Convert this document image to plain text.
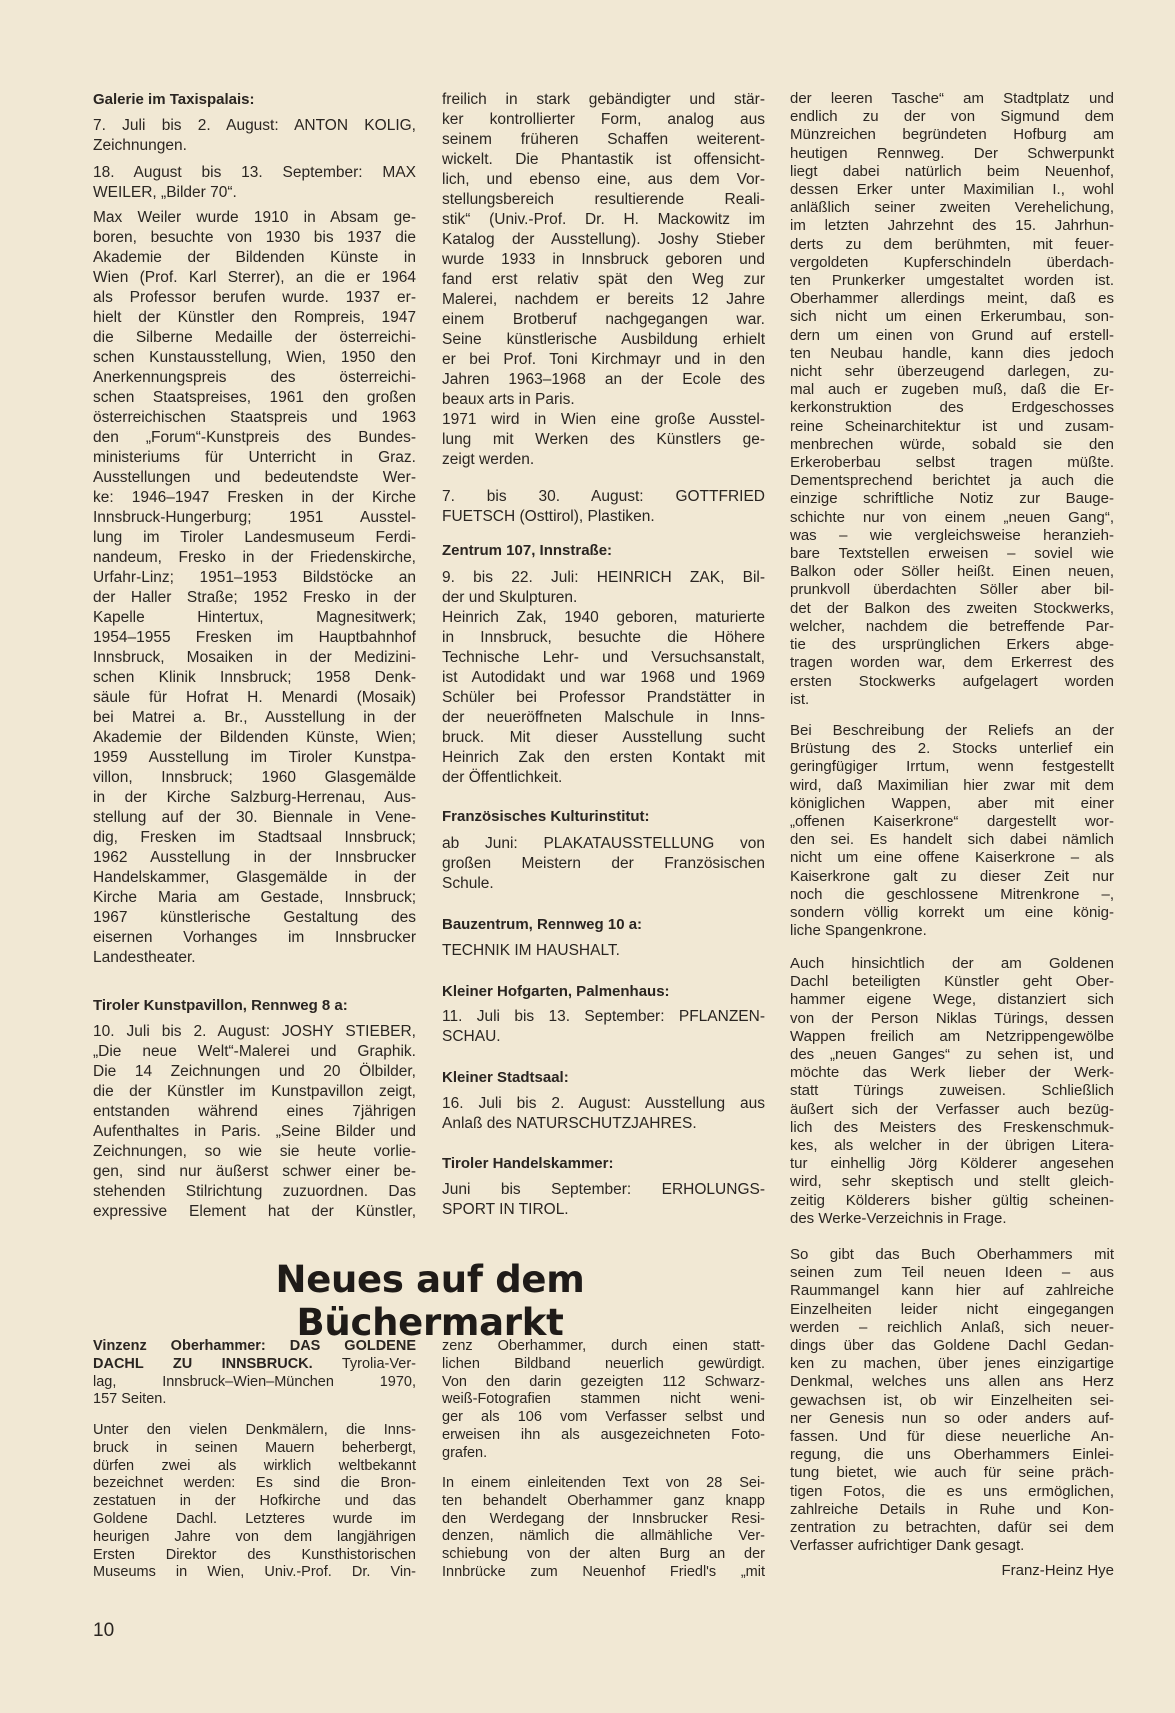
Galerie im Taxispalais:
7. Juli bis 2. August: ANTON KOLIG,
Zeichnungen.
18. August bis 13. September: MAX
WEILER, „Bilder 70“.
Max Weiler wurde 1910 in Absam ge-
boren, besuchte von 1930 bis 1937 die
Akademie der Bildenden Künste in
Wien (Prof. Karl Sterrer), an die er 1964
als Professor berufen wurde. 1937 er-
hielt der Künstler den Rompreis, 1947
die Silberne Medaille der österreichi-
schen Kunstausstellung, Wien, 1950 den
Anerkennungspreis des österreichi-
schen Staatspreises, 1961 den großen
österreichischen Staatspreis und 1963
den „Forum“-Kunstpreis des Bundes-
ministeriums für Unterricht in Graz.
Ausstellungen und bedeutendste Wer-
ke: 1946–1947 Fresken in der Kirche
Innsbruck-Hungerburg; 1951 Ausstel-
lung im Tiroler Landesmuseum Ferdi-
nandeum, Fresko in der Friedenskirche,
Urfahr-Linz; 1951–1953 Bildstöcke an
der Haller Straße; 1952 Fresko in der
Kapelle Hintertux, Magnesitwerk;
1954–1955 Fresken im Hauptbahnhof
Innsbruck, Mosaiken in der Medizini-
schen Klinik Innsbruck; 1958 Denk-
säule für Hofrat H. Menardi (Mosaik)
bei Matrei a. Br., Ausstellung in der
Akademie der Bildenden Künste, Wien;
1959 Ausstellung im Tiroler Kunstpa-
villon, Innsbruck; 1960 Glasgemälde
in der Kirche Salzburg-Herrenau, Aus-
stellung auf der 30. Biennale in Vene-
dig, Fresken im Stadtsaal Innsbruck;
1962 Ausstellung in der Innsbrucker
Handelskammer, Glasgemälde in der
Kirche Maria am Gestade, Innsbruck;
1967 künstlerische Gestaltung des
eisernen Vorhanges im Innsbrucker
Landestheater.
Tiroler Kunstpavillon, Rennweg 8 a:
10. Juli bis 2. August: JOSHY STIEBER,
„Die neue Welt“-Malerei und Graphik.
Die 14 Zeichnungen und 20 Ölbilder,
die der Künstler im Kunstpavillon zeigt,
entstanden während eines 7jährigen
Aufenthaltes in Paris. „Seine Bilder und
Zeichnungen, so wie sie heute vorlie-
gen, sind nur äußerst schwer einer be-
stehenden Stilrichtung zuzuordnen. Das
expressive Element hat der Künstler,
freilich in stark gebändigter und stär-
ker kontrollierter Form, analog aus
seinem früheren Schaffen weiterent-
wickelt. Die Phantastik ist offensicht-
lich, und ebenso eine, aus dem Vor-
stellungsbereich resultierende Reali-
stik“ (Univ.-Prof. Dr. H. Mackowitz im
Katalog der Ausstellung). Joshy Stieber
wurde 1933 in Innsbruck geboren und
fand erst relativ spät den Weg zur
Malerei, nachdem er bereits 12 Jahre
einem Brotberuf nachgegangen war.
Seine künstlerische Ausbildung erhielt
er bei Prof. Toni Kirchmayr und in den
Jahren 1963–1968 an der Ecole des
beaux arts in Paris.
1971 wird in Wien eine große Ausstel-
lung mit Werken des Künstlers ge-
zeigt werden.
7. bis 30. August: GOTTFRIED
FUETSCH (Osttirol), Plastiken.
Zentrum 107, Innstraße:
9. bis 22. Juli: HEINRICH ZAK, Bil-
der und Skulpturen.
Heinrich Zak, 1940 geboren, maturierte
in Innsbruck, besuchte die Höhere
Technische Lehr- und Versuchsanstalt,
ist Autodidakt und war 1968 und 1969
Schüler bei Professor Prandstätter in
der neueröffneten Malschule in Inns-
bruck. Mit dieser Ausstellung sucht
Heinrich Zak den ersten Kontakt mit
der Öffentlichkeit.
Französisches Kulturinstitut:
ab Juni: PLAKATAUSSTELLUNG von
großen Meistern der Französischen
Schule.
Bauzentrum, Rennweg 10 a:
TECHNIK IM HAUSHALT.
Kleiner Hofgarten, Palmenhaus:
11. Juli bis 13. September: PFLANZEN-
SCHAU.
Kleiner Stadtsaal:
16. Juli bis 2. August: Ausstellung aus
Anlaß des NATURSCHUTZJAHRES.
Tiroler Handelskammer:
Juni bis September: ERHOLUNGS-
SPORT IN TIROL.
Neues auf dem Büchermarkt
Vinzenz Oberhammer: DAS GOLDENE
DACHL ZU INNSBRUCK. Tyrolia-Ver-
lag, Innsbruck–Wien–München 1970,
157 Seiten.
Unter den vielen Denkmälern, die Inns-
bruck in seinen Mauern beherbergt,
dürfen zwei als wirklich weltbekannt
bezeichnet werden: Es sind die Bron-
zestatuen in der Hofkirche und das
Goldene Dachl. Letzteres wurde im
heurigen Jahre von dem langjährigen
Ersten Direktor des Kunsthistorischen
Museums in Wien, Univ.-Prof. Dr. Vin-
zenz Oberhammer, durch einen statt-
lichen Bildband neuerlich gewürdigt.
Von den darin gezeigten 112 Schwarz-
weiß-Fotografien stammen nicht weni-
ger als 106 vom Verfasser selbst und
erweisen ihn als ausgezeichneten Foto-
grafen.
In einem einleitenden Text von 28 Sei-
ten behandelt Oberhammer ganz knapp
den Werdegang der Innsbrucker Resi-
denzen, nämlich die allmähliche Ver-
schiebung von der alten Burg an der
Innbrücke zum Neuenhof Friedl's „mit
der leeren Tasche“ am Stadtplatz und
endlich zu der von Sigmund dem
Münzreichen begründeten Hofburg am
heutigen Rennweg. Der Schwerpunkt
liegt dabei natürlich beim Neuenhof,
dessen Erker unter Maximilian I., wohl
anläßlich seiner zweiten Verehelichung,
im letzten Jahrzehnt des 15. Jahrhun-
derts zu dem berühmten, mit feuer-
vergoldeten Kupferschindeln überdach-
ten Prunkerker umgestaltet worden ist.
Oberhammer allerdings meint, daß es
sich nicht um einen Erkerumbau, son-
dern um einen von Grund auf erstell-
ten Neubau handle, kann dies jedoch
nicht sehr überzeugend darlegen, zu-
mal auch er zugeben muß, daß die Er-
kerkonstruktion des Erdgeschosses
reine Scheinarchitektur ist und zusam-
menbrechen würde, sobald sie den
Erkeroberbau selbst tragen müßte.
Dementsprechend berichtet ja auch die
einzige schriftliche Notiz zur Bauge-
schichte nur von einem „neuen Gang“,
was – wie vergleichsweise heranzieh-
bare Textstellen erweisen – soviel wie
Balkon oder Söller heißt. Einen neuen,
prunkvoll überdachten Söller aber bil-
det der Balkon des zweiten Stockwerks,
welcher, nachdem die betreffende Par-
tie des ursprünglichen Erkers abge-
tragen worden war, dem Erkerrest des
ersten Stockwerks aufgelagert worden
ist.
Bei Beschreibung der Reliefs an der
Brüstung des 2. Stocks unterlief ein
geringfügiger Irrtum, wenn festgestellt
wird, daß Maximilian hier zwar mit dem
königlichen Wappen, aber mit einer
„offenen Kaiserkrone“ dargestellt wor-
den sei. Es handelt sich dabei nämlich
nicht um eine offene Kaiserkrone – als
Kaiserkrone galt zu dieser Zeit nur
noch die geschlossene Mitrenkrone –,
sondern völlig korrekt um eine könig-
liche Spangenkrone.
Auch hinsichtlich der am Goldenen
Dachl beteiligten Künstler geht Ober-
hammer eigene Wege, distanziert sich
von der Person Niklas Türings, dessen
Wappen freilich am Netzrippengewölbe
des „neuen Ganges“ zu sehen ist, und
möchte das Werk lieber der Werk-
statt Türings zuweisen. Schließlich
äußert sich der Verfasser auch bezüg-
lich des Meisters des Freskenschmuk-
kes, als welcher in der übrigen Litera-
tur einhellig Jörg Kölderer angesehen
wird, sehr skeptisch und stellt gleich-
zeitig Kölderers bisher gültig scheinen-
des Werke-Verzeichnis in Frage.
So gibt das Buch Oberhammers mit
seinen zum Teil neuen Ideen – aus
Raummangel kann hier auf zahlreiche
Einzelheiten leider nicht eingegangen
werden – reichlich Anlaß, sich neuer-
dings über das Goldene Dachl Gedan-
ken zu machen, über jenes einzigartige
Denkmal, welches uns allen ans Herz
gewachsen ist, ob wir Einzelheiten sei-
ner Genesis nun so oder anders auf-
fassen. Und für diese neuerliche An-
regung, die uns Oberhammers Einlei-
tung bietet, wie auch für seine präch-
tigen Fotos, die es uns ermöglichen,
zahlreiche Details in Ruhe und Kon-
zentration zu betrachten, dafür sei dem
Verfasser aufrichtiger Dank gesagt.
Franz-Heinz Hye
10
